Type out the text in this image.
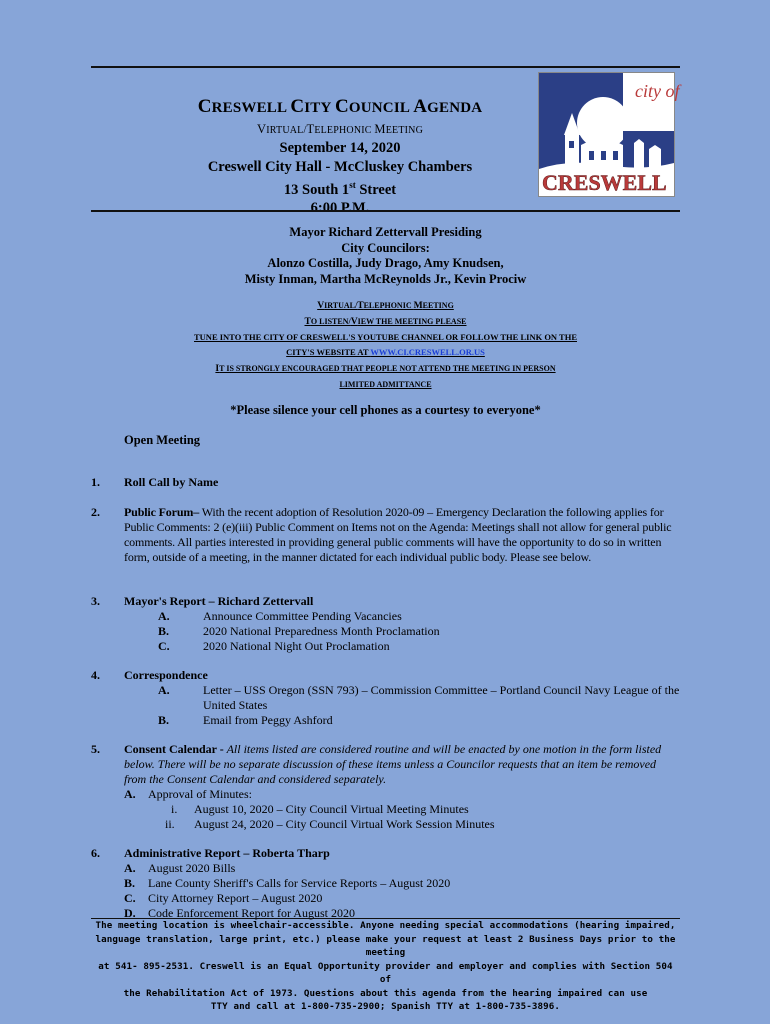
CRESWELL CITY COUNCIL AGENDA
VIRTUAL/TELEPHONIC MEETING
September 14, 2020
Creswell City Hall - McCluskey Chambers
13 South 1st Street
6:00 P.M.
city of
CRESWELL
Mayor Richard Zettervall Presiding
City Councilors:
Alonzo Costilla, Judy Drago, Amy Knudsen,
Misty Inman, Martha McReynolds Jr., Kevin Prociw
VIRTUAL/TELEPHONIC MEETING
TO LISTEN/VIEW THE MEETING PLEASE
TUNE INTO THE CITY OF CRESWELL'S YOUTUBE CHANNEL OR FOLLOW THE LINK ON THE
CITY'S WEBSITE AT WWW.CI.CRESWELL.OR.US
IT IS STRONGLY ENCOURAGED THAT PEOPLE NOT ATTEND THE MEETING IN PERSON
LIMITED ADMITTANCE
*Please silence your cell phones as a courtesy to everyone*
Open Meeting
1. Roll Call by Name
2. Public Forum– With the recent adoption of Resolution 2020-09 – Emergency Declaration the following applies for Public Comments: 2 (e)(iii) Public Comment on Items not on the Agenda: Meetings shall not allow for general public comments. All parties interested in providing general public comments will have the opportunity to do so in written form, outside of a meeting, in the manner dictated for each individual public body. Please see below.
3. Mayor's Report – Richard Zettervall
A.	Announce Committee Pending Vacancies
B.	2020 National Preparedness Month Proclamation
C.	2020 National Night Out Proclamation
4. Correspondence
A.	Letter – USS Oregon (SSN 793) – Commission Committee – Portland Council Navy League of the United States
B.	Email from Peggy Ashford
5. Consent Calendar - All items listed are considered routine and will be enacted by one motion in the form listed below. There will be no separate discussion of these items unless a Councilor requests that an item be removed from the Consent Calendar and considered separately.
A. Approval of Minutes:
i. August 10, 2020 – City Council Virtual Meeting Minutes
ii. August 24, 2020 – City Council Virtual Work Session Minutes
6. Administrative Report – Roberta Tharp
A. August 2020 Bills
B. Lane County Sheriff's Calls for Service Reports – August 2020
C. City Attorney Report – August 2020
D. Code Enforcement Report for August 2020
The meeting location is wheelchair-accessible. Anyone needing special accommodations (hearing impaired,
language translation, large print, etc.) please make your request at least 2 Business Days prior to the meeting
at 541- 895-2531. Creswell is an Equal Opportunity provider and employer and complies with Section 504 of
the Rehabilitation Act of 1973. Questions about this agenda from the hearing impaired can use
TTY and call at 1-800-735-2900; Spanish TTY at 1-800-735-3896.
